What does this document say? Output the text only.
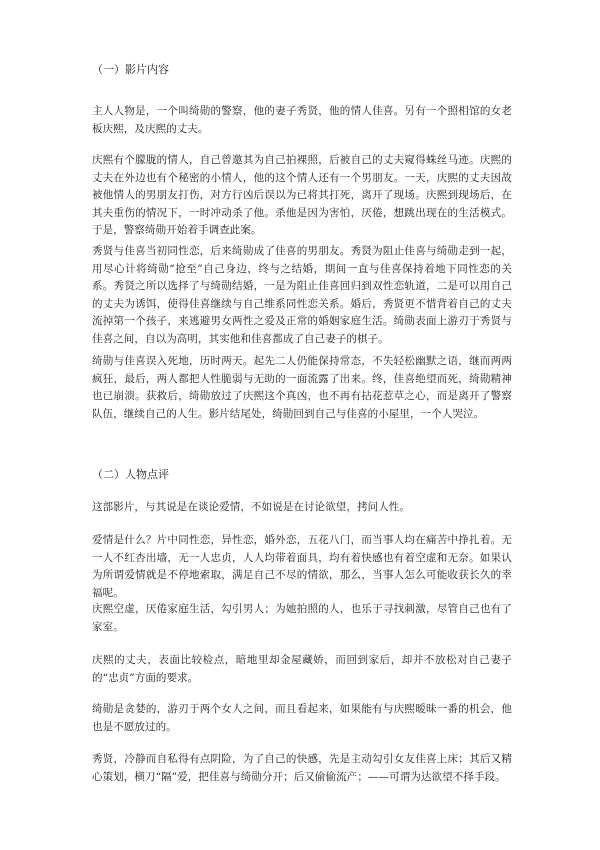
（一）影片内容

主人人物是，一个叫绮勋的警察，他的妻子秀贤，他的情人佳喜。另有一个照相馆的女老板庆熙，及庆熙的丈夫。

庆熙有个朦胧的情人，自己曾邀其为自己拍裸照，后被自己的丈夫窥得蛛丝马迹。庆熙的丈夫在外边也有个秘密的小情人，他的这个情人还有一个男朋友。一天，庆熙的丈夫因故被他情人的男朋友打伤，对方行凶后误以为已将其打死，离开了现场。庆熙到现场后，在其夫重伤的情况下，一时冲动杀了他。杀他是因为害怕，厌倦，想跳出现在的生活模式。于是，警察绮勋开始着手调查此案。

秀贤与佳喜当初同性恋，后来绮勋成了佳喜的男朋友。秀贤为阻止佳喜与绮勋走到一起，用尽心计将绮勋“抢至”自己身边，终与之结婚，期间一直与佳喜保持着地下同性恋的关系。秀贤之所以选择了与绮勋结婚，一是为阻止佳喜回归到双性恋轨道，二是可以用自己的丈夫为诱饵，使得佳喜继续与自己维系同性恋关系。婚后，秀贤更不惜背着自己的丈夫流掉第一个孩子，来逃避男女两性之爱及正常的婚姻家庭生活。绮勋表面上游刃于秀贤与佳喜之间，自以为高明，其实他和佳喜都成了自己妻子的棋子。

绮勋与佳喜误入死地，历时两天。起先二人仍能保持常态，不失轻松幽默之语，继而两两疯狂，最后，两人都把人性脆弱与无助的一面流露了出来。终，佳喜绝望而死，绮勋精神也已崩溃。获救后，绮勋放过了庆熙这个真凶，也不再有拈花惹草之心，而是离开了警察队伍，继续自己的人生。影片结尾处，绮勋回到自己与佳喜的小屋里，一个人哭泣。

（二）人物点评

这部影片，与其说是在谈论爱情，不如说是在讨论欲望，拷问人性。

爱情是什么？片中同性恋，异性恋，婚外恋，五花八门，而当事人均在痛苦中挣扎着。无一人不红杏出墙，无一人忠贞，人人均带着面具，均有着快感也有着空虚和无奈。如果认为所谓爱情就是不停地索取，满足自己不尽的情欲，那么，当事人怎么可能收获长久的幸福呢。

庆熙空虚，厌倦家庭生活，勾引男人；为她拍照的人，也乐于寻找刺激，尽管自己也有了家室。

庆熙的丈夫，表面比较检点，暗地里却金屋藏娇，而回到家后，却并不放松对自己妻子的“忠贞”方面的要求。

绮勋是贪婪的，游刃于两个女人之间，而且看起来，如果能有与庆熙暧昧一番的机会，他也是不愿放过的。

秀贤，冷静而自私得有点阴险，为了自己的快感，先是主动勾引女友佳喜上床；其后又精心策划，横刀“隔”爱，把佳喜与绮勋分开；后又偷偷流产；——可谓为达欲望不择手段。
